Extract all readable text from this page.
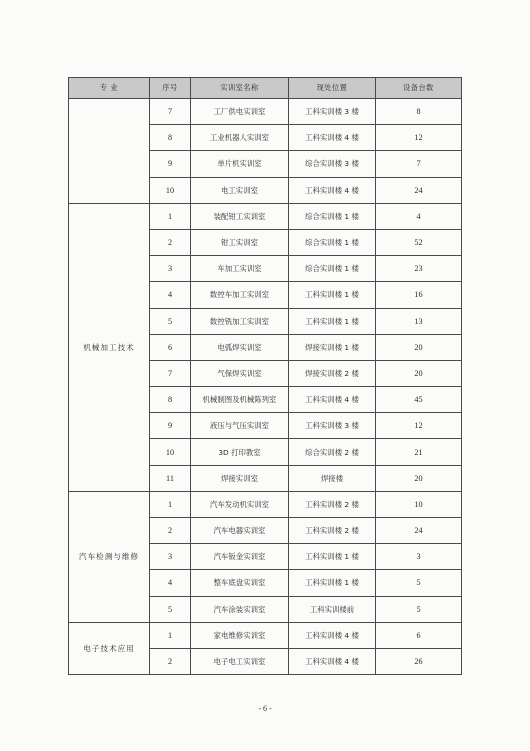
专 业	序号	实训室名称	现处位置	设备台数
	7	工厂供电实训室	工科实训楼 3 楼	8
	8	工业机器人实训室	工科实训楼 4 楼	12
	9	单片机实训室	综合实训楼 3 楼	7
	10	电工实训室	工科实训楼 4 楼	24
机械加工技术	1	装配钳工实训室	综合实训楼 1 楼	4
	2	钳工实训室	综合实训楼 1 楼	52
	3	车加工实训室	综合实训楼 1 楼	23
	4	数控车加工实训室	工科实训楼 1 楼	16
	5	数控铣加工实训室	工科实训楼 1 楼	13
	6	电弧焊实训室	焊接实训楼 1 楼	20
	7	气保焊实训室	焊接实训楼 2 楼	20
	8	机械制图及机械陈列室	工科实训楼 4 楼	45
	9	液压与气压实训室	工科实训楼 3 楼	12
	10	3D 打印教室	综合实训楼 2 楼	21
	11	焊接实训室	焊接楼	20
汽车检测与维修	1	汽车发动机实训室	工科实训楼 2 楼	10
	2	汽车电器实训室	工科实训楼 2 楼	24
	3	汽车钣金实训室	工科实训楼 1 楼	3
	4	整车底盘实训室	工科实训楼 1 楼	5
	5	汽车涂装实训室	工科实训楼前	5
电子技术应用	1	家电维修实训室	工科实训楼 4 楼	6
	2	电子电工实训室	工科实训楼 4 楼	26
- 6 -
